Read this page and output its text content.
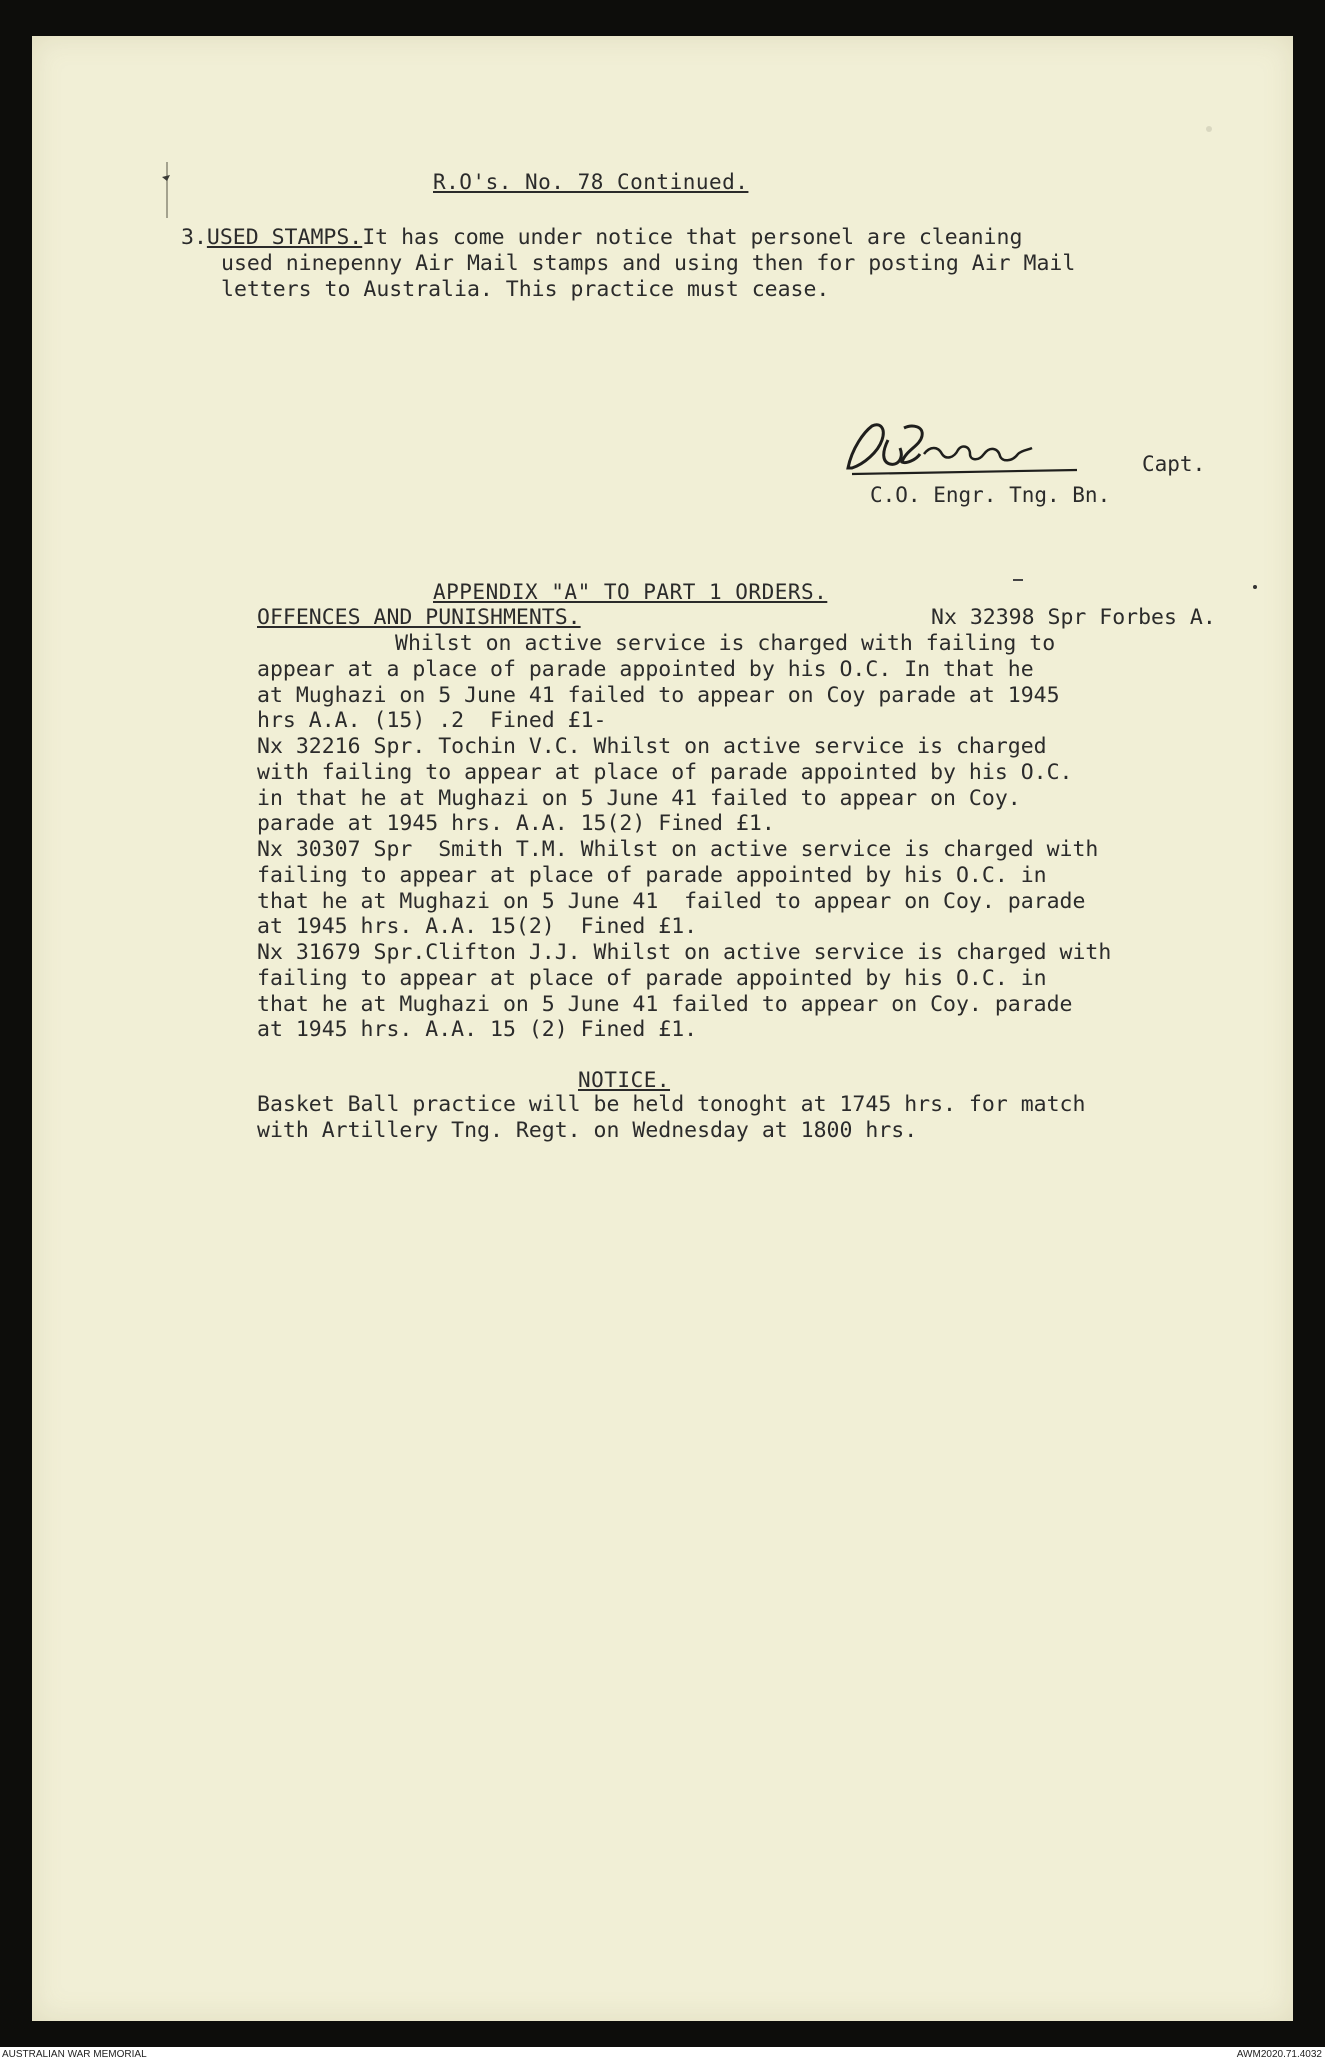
R.O's. No. 78 Continued.

3.USED STAMPS.It has come under notice that personel are cleaning

used ninepenny Air Mail stamps and using then for posting Air Mail

letters to Australia. This practice must cease.

Capt.

C.O. Engr. Tng. Bn.

APPENDIX "A" TO PART 1 ORDERS.

OFFENCES AND PUNISHMENTS.	Nx 32398 Spr Forbes A.

Whilst on active service is charged with failing to

appear at a place of parade appointed by his O.C. In that he

at Mughazi on 5 June 41 failed to appear on Coy parade at 1945

hrs A.A. (15) .2  Fined £1-

Nx 32216 Spr. Tochin V.C. Whilst on active service is charged

with failing to appear at place of parade appointed by his O.C.

in that he at Mughazi on 5 June 41 failed to appear on Coy.

parade at 1945 hrs. A.A. 15(2) Fined £1.

Nx 30307 Spr  Smith T.M. Whilst on active service is charged with

failing to appear at place of parade appointed by his O.C. in

that he at Mughazi on 5 June 41  failed to appear on Coy. parade

at 1945 hrs. A.A. 15(2)  Fined £1.

Nx 31679 Spr.Clifton J.J. Whilst on active service is charged with

failing to appear at place of parade appointed by his O.C. in

that he at Mughazi on 5 June 41 failed to appear on Coy. parade

at 1945 hrs. A.A. 15 (2) Fined £1.

NOTICE.

Basket Ball practice will be held tonoght at 1745 hrs. for match

with Artillery Tng. Regt. on Wednesday at 1800 hrs.

AUSTRALIAN WAR MEMORIAL	AWM2020.71.4032
